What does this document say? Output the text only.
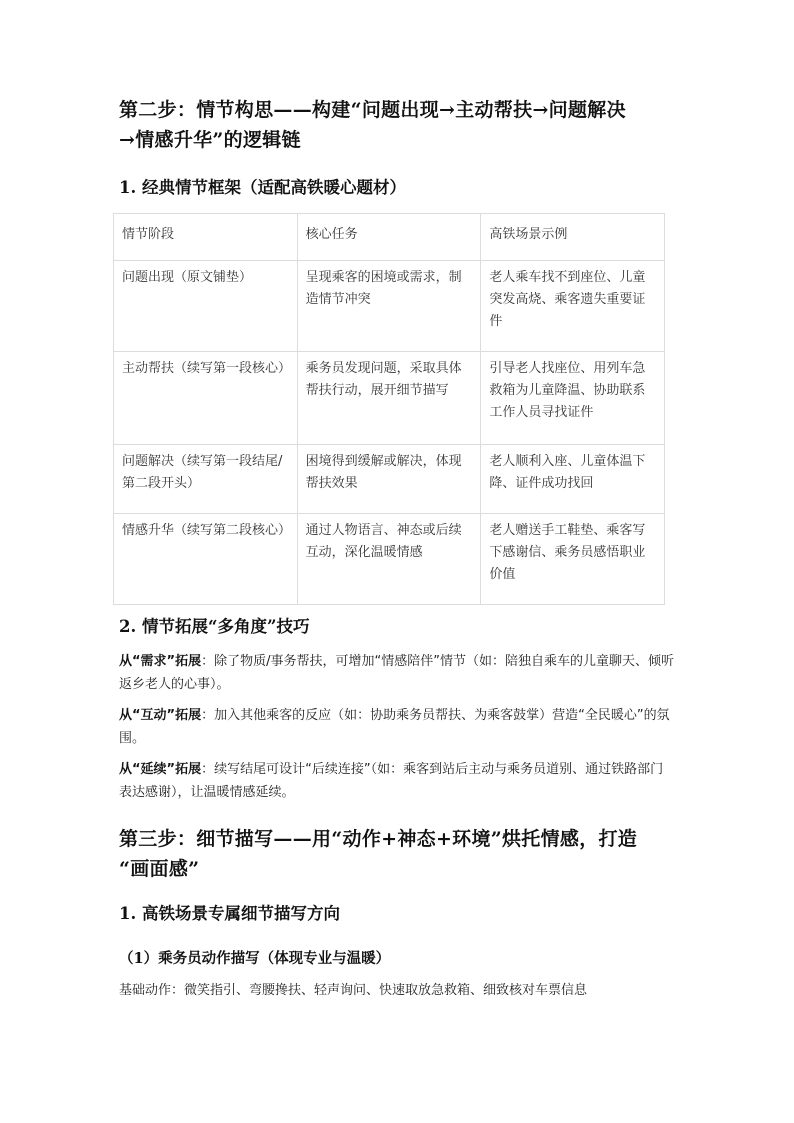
第二步：情节构思——构建“问题出现→主动帮扶→问题解决
→情感升华”的逻辑链
1. 经典情节框架（适配高铁暖心题材）
情节阶段	核心任务	高铁场景示例
问题出现（原文铺垫）	呈现乘客的困境或需求，制造情节冲突	老人乘车找不到座位、儿童突发高烧、乘客遗失重要证件
主动帮扶（续写第一段核心）	乘务员发现问题，采取具体帮扶行动，展开细节描写	引导老人找座位、用列车急救箱为儿童降温、协助联系工作人员寻找证件
问题解决（续写第一段结尾/第二段开头）	困境得到缓解或解决，体现帮扶效果	老人顺利入座、儿童体温下降、证件成功找回
情感升华（续写第二段核心）	通过人物语言、神态或后续互动，深化温暖情感	老人赠送手工鞋垫、乘客写下感谢信、乘务员感悟职业价值
2. 情节拓展“多角度”技巧
从“需求”拓展：除了物质/事务帮扶，可增加“情感陪伴”情节（如：陪独自乘车的儿童聊天、倾听返乡老人的心事）。
从“互动”拓展：加入其他乘客的反应（如：协助乘务员帮扶、为乘客鼓掌）营造“全民暖心”的氛围。
从“延续”拓展：续写结尾可设计“后续连接”（如：乘客到站后主动与乘务员道别、通过铁路部门表达感谢），让温暖情感延续。
第三步：细节描写——用“动作+神态+环境”烘托情感，打造
“画面感”
1. 高铁场景专属细节描写方向
（1）乘务员动作描写（体现专业与温暖）
基础动作：微笑指引、弯腰搀扶、轻声询问、快速取放急救箱、细致核对车票信息
